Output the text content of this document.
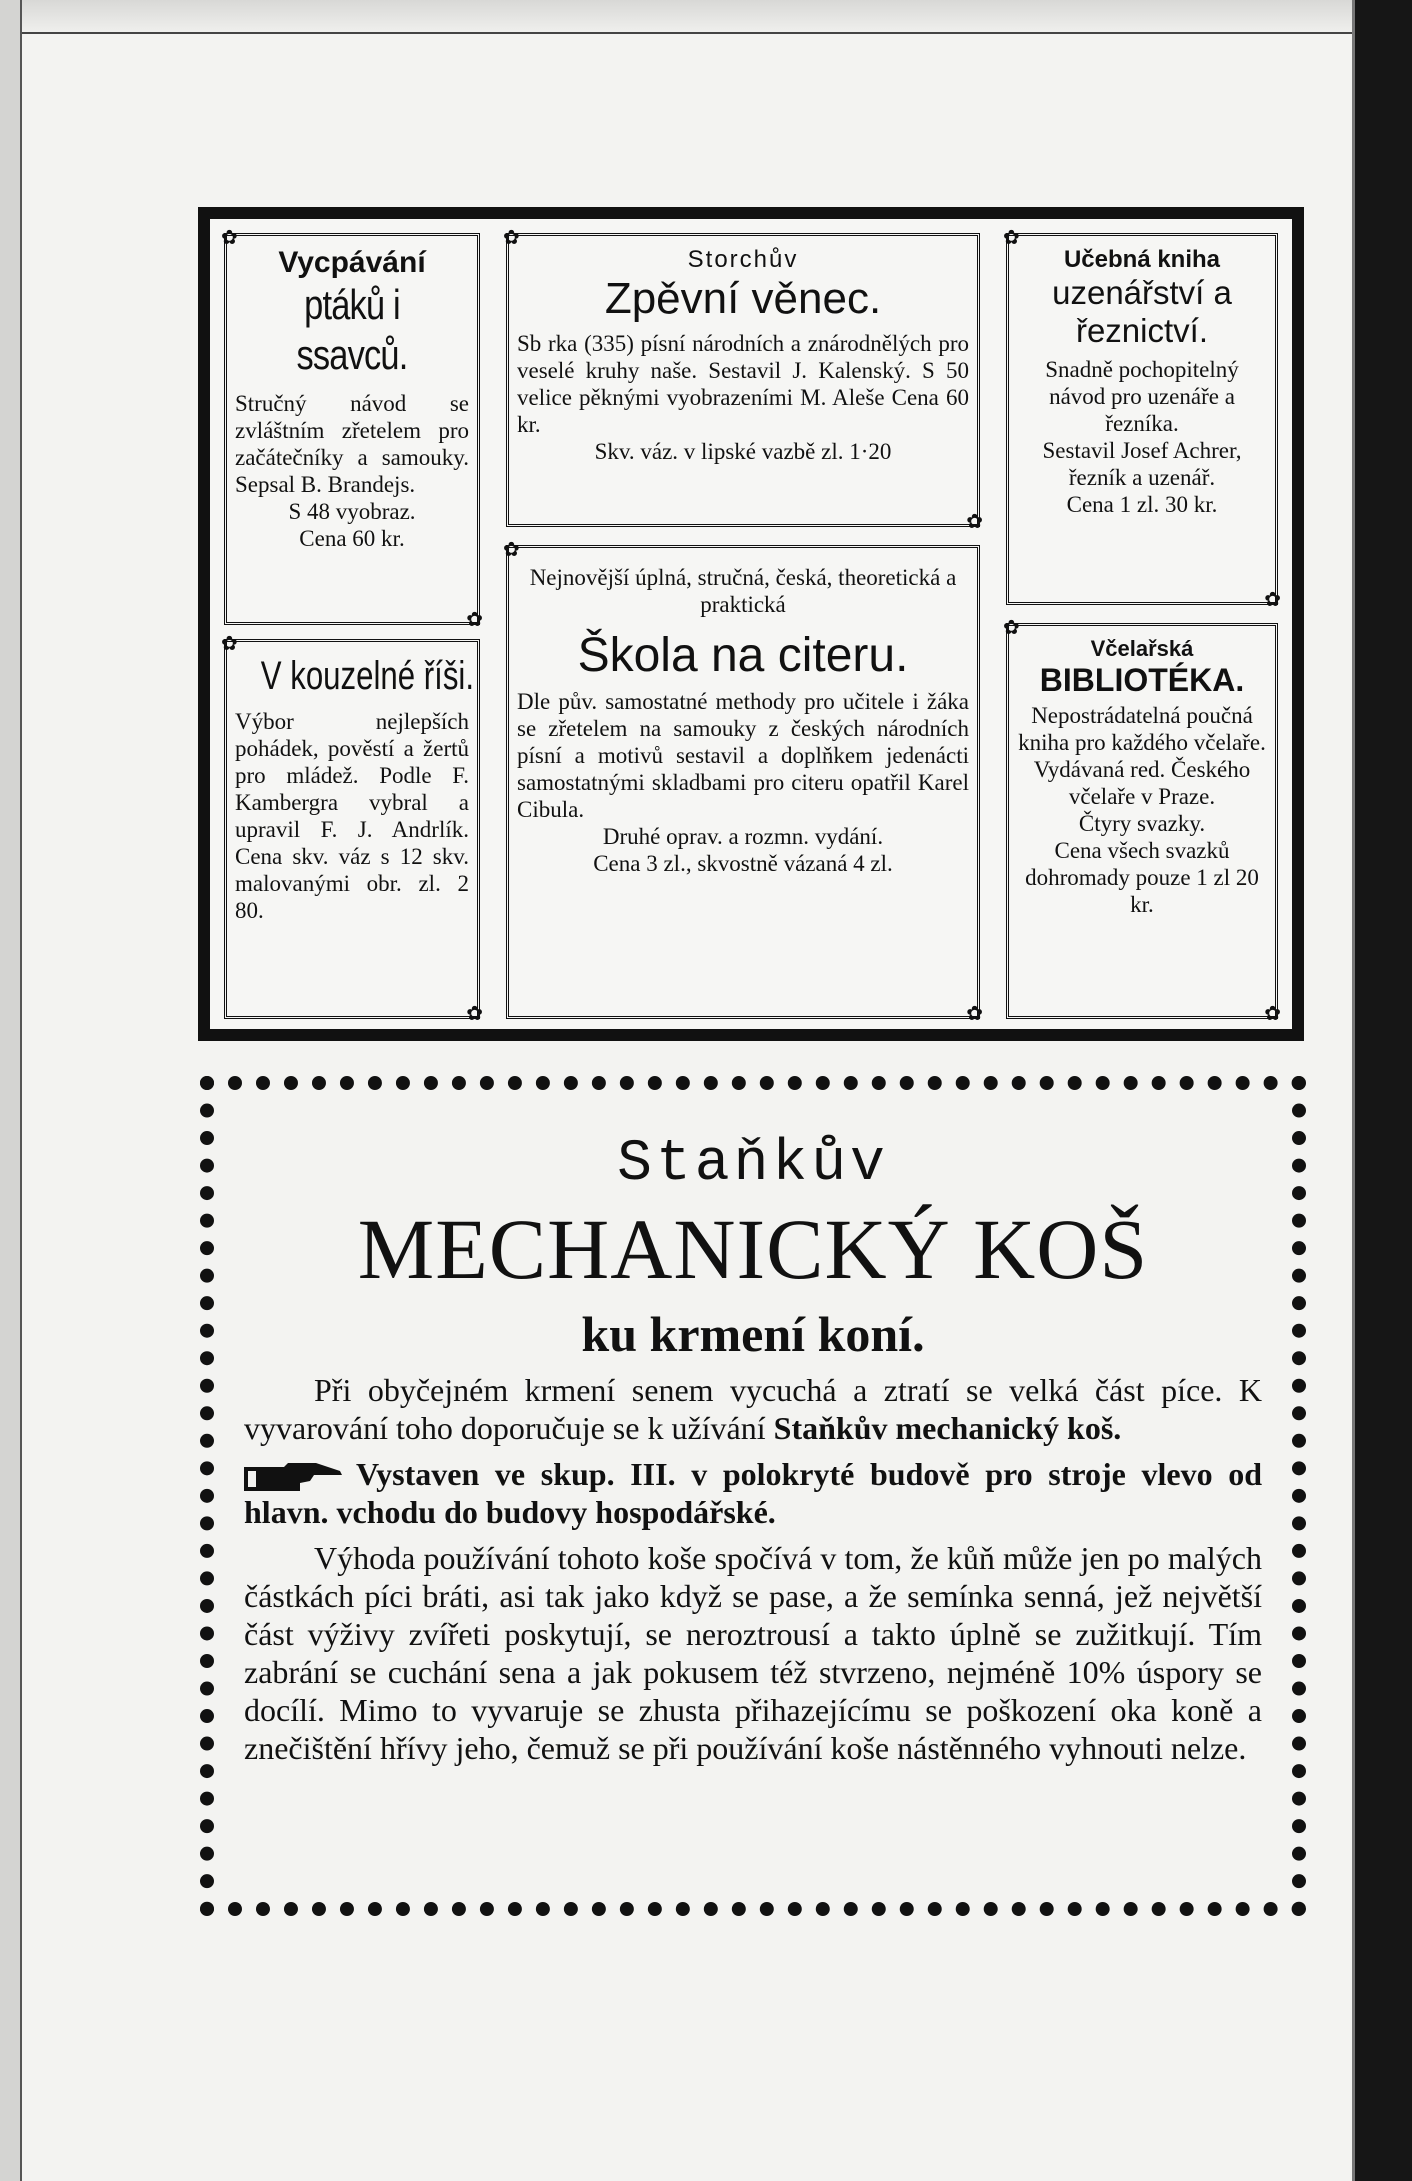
✿ Vycpávání
ptáků i ssavců.
Stručný návod se zvláštním zřetelem pro začátečníky a samouky. Sepsal B. Brandejs.
S 48 vyobraz.
Cena 60 kr.
✿
✿ V kouzelné říši.
Výbor nejlepších pohádek, pověstí a žertů pro mládež. Podle F. Kambergra vybral a upravil F. J. Andrlík. Cena skv. váz s 12 skv. malovanými obr. zl. 2 80.
✿
✿ Storchův
Zpěvní věnec.
Sb rka (335) písní národních a znárodnělých pro veselé kruhy naše. Sestavil J. Kalenský. S 50 velice pěknými vyobrazeními M. Aleše Cena 60 kr.
Skv. váz. v lipské vazbě zl. 1·20
✿
✿ Nejnovější úplná, stručná, česká, theoretická a praktická
Škola na citeru.
Dle pův. samostatné methody pro učitele i žáka se zřetelem na samouky z českých národních písní a motivů sestavil a doplňkem jedenácti samostatnými skladbami pro citeru opatřil Karel Cibula.
Druhé oprav. a rozmn. vydání.
Cena 3 zl., skvostně vázaná 4 zl.
✿
✿ Učebná kniha
uzenářství a řeznictví.
Snadně pochopitelný návod pro uzenáře a řezníka.
Sestavil Josef Achrer, řezník a uzenář.
Cena 1 zl. 30 kr.
✿
✿ Včelařská
BIBLIOTÉKA.
Nepostrádatelná poučná kniha pro každého včelaře.
Vydávaná red. Českého včelaře v Praze.
Čtyry svazky.
Cena všech svazků dohromady pouze 1 zl 20 kr.
✿
Staňkův
MECHANICKÝ KOŠ
ku krmení koní.
Při obyčejném krmení senem vycuchá a ztratí se velká část píce. K vyvarování toho doporučuje se k užívání Staňkův mechanický koš.
Vystaven ve skup. III. v polokryté budově pro stroje vlevo od hlavn. vchodu do budovy hospodářské.
Výhoda používání tohoto koše spočívá v tom, že kůň může jen po malých částkách píci bráti, asi tak jako když se pase, a že semínka senná, jež největší část výživy zvířeti poskytují, se neroztrousí a takto úplně se zužitkují. Tím zabrání se cuchání sena a jak pokusem též stvrzeno, nejméně 10% úspory se docílí. Mimo to vyvaruje se zhusta přihazejícímu se poškození oka koně a znečištění hřívy jeho, čemuž se při používání koše nástěnného vyhnouti nelze.
